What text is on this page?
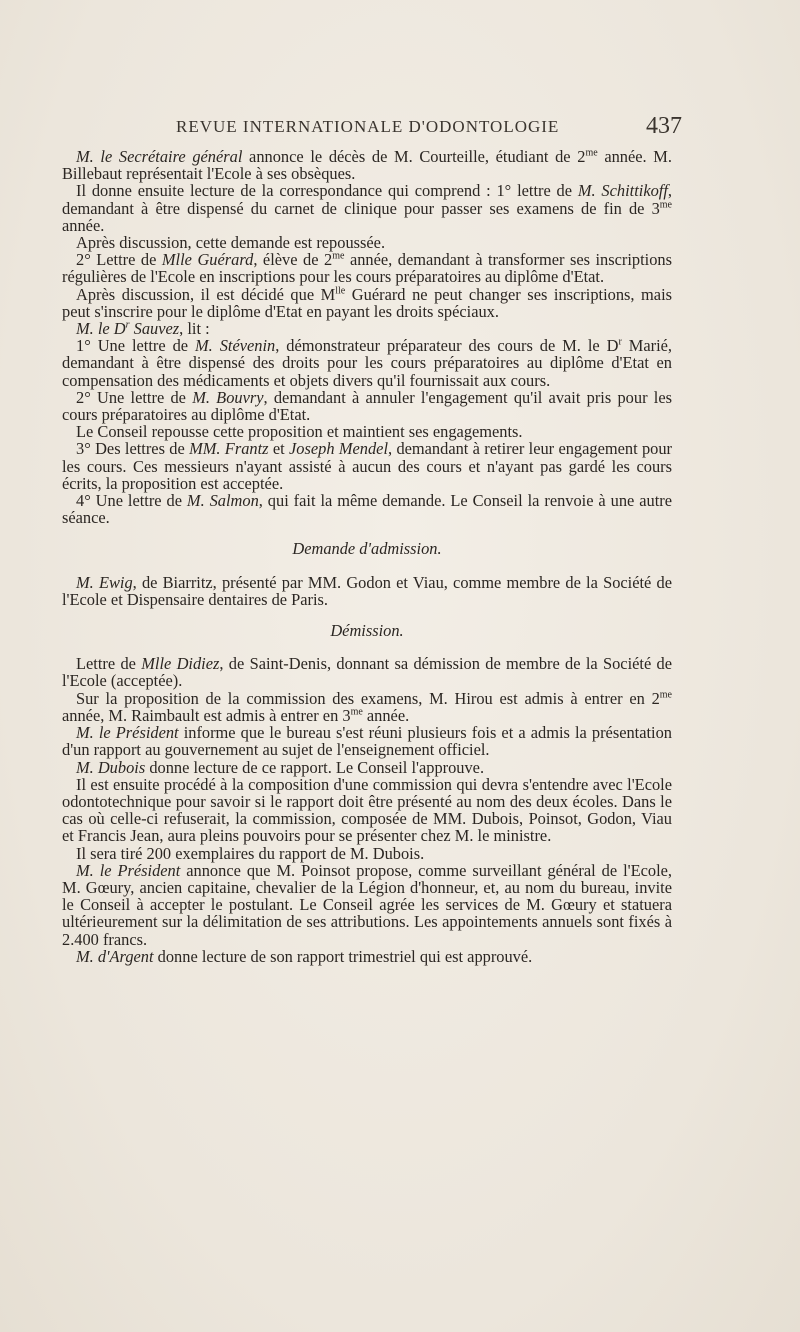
REVUE INTERNATIONALE D'ODONTOLOGIE	437

M. le Secrétaire général annonce le décès de M. Courteille, étudiant de $2^{me}$ année. M. Billebaut représentait l'Ecole à ses obsèques.

Il donne ensuite lecture de la correspondance qui comprend : 1° lettre de M. Schittikoff, demandant à être dispensé du carnet de clinique pour passer ses examens de fin de $3^{me}$ année.

Après discussion, cette demande est repoussée.

2° Lettre de Mlle Guérard, élève de $2^{me}$ année, demandant à transformer ses inscriptions régulières de l'Ecole en inscriptions pour les cours préparatoires au diplôme d'Etat.

Après discussion, il est décidé que $M^{lle}$ Guérard ne peut changer ses inscriptions, mais peut s'inscrire pour le diplôme d'Etat en payant les droits spéciaux.

M. le $D^r$ Sauvez, lit :

1° Une lettre de M. Stévenin, démonstrateur préparateur des cours de M. le $D^r$ Marié, demandant à être dispensé des droits pour les cours préparatoires au diplôme d'Etat en compensation des médicaments et objets divers qu'il fournissait aux cours.

2° Une lettre de M. Bouvry, demandant à annuler l'engagement qu'il avait pris pour les cours préparatoires au diplôme d'Etat.

Le Conseil repousse cette proposition et maintient ses engagements.

3° Des lettres de MM. Frantz et Joseph Mendel, demandant à retirer leur engagement pour les cours. Ces messieurs n'ayant assisté à aucun des cours et n'ayant pas gardé les cours écrits, la proposition est acceptée.

4° Une lettre de M. Salmon, qui fait la même demande. Le Conseil la renvoie à une autre séance.

Demande d'admission.

M. Ewig, de Biarritz, présenté par MM. Godon et Viau, comme membre de la Société de l'Ecole et Dispensaire dentaires de Paris.

Démission.

Lettre de Mlle Didiez, de Saint-Denis, donnant sa démission de membre de la Société de l'Ecole (acceptée).

Sur la proposition de la commission des examens, M. Hirou est admis à entrer en $2^{me}$ année, M. Raimbault est admis à entrer en $3^{me}$ année.

M. le Président informe que le bureau s'est réuni plusieurs fois et a admis la présentation d'un rapport au gouvernement au sujet de l'enseignement officiel.

M. Dubois donne lecture de ce rapport. Le Conseil l'approuve.

Il est ensuite procédé à la composition d'une commission qui devra s'entendre avec l'Ecole odontotechnique pour savoir si le rapport doit être présenté au nom des deux écoles. Dans le cas où celle-ci refuserait, la commission, composée de MM. Dubois, Poinsot, Godon, Viau et Francis Jean, aura pleins pouvoirs pour se présenter chez M. le ministre.

Il sera tiré 200 exemplaires du rapport de M. Dubois.

M. le Président annonce que M. Poinsot propose, comme surveillant général de l'Ecole, M. Gœury, ancien capitaine, chevalier de la Légion d'honneur, et, au nom du bureau, invite le Conseil à accepter le postulant. Le Conseil agrée les services de M. Gœury et statuera ultérieurement sur la délimitation de ses attributions. Les appointements annuels sont fixés à 2.400 francs.

M. d'Argent donne lecture de son rapport trimestriel qui est approuvé.
